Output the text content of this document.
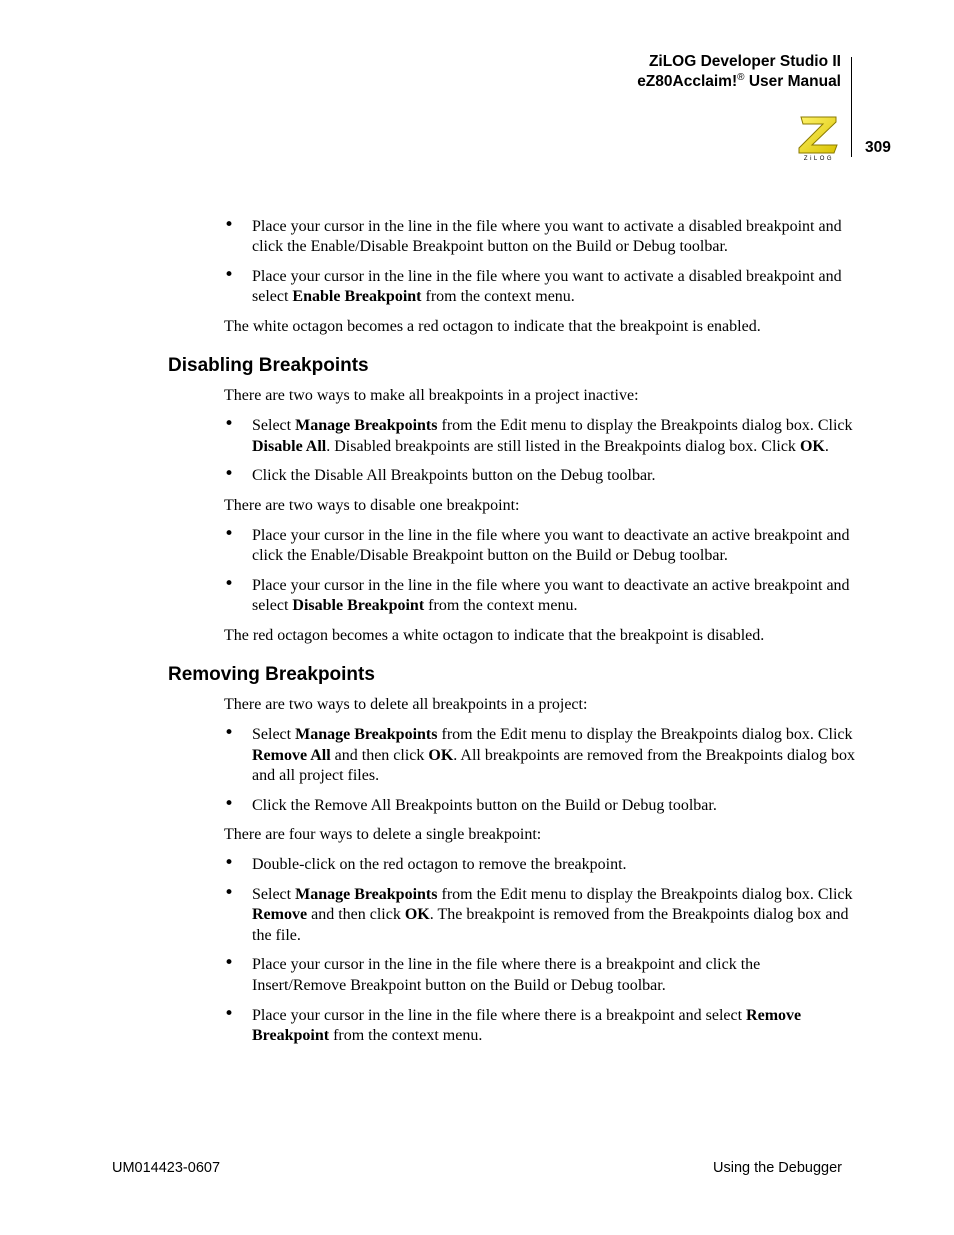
ZiLOG Developer Studio II
eZ80Acclaim!® User Manual
309
ZiLOG
• Place your cursor in the line in the file where you want to activate a disabled breakpoint and click the Enable/Disable Breakpoint button on the Build or Debug toolbar.
• Place your cursor in the line in the file where you want to activate a disabled breakpoint and select Enable Breakpoint from the context menu.

The white octagon becomes a red octagon to indicate that the breakpoint is enabled.

Disabling Breakpoints

There are two ways to make all breakpoints in a project inactive:

• Select Manage Breakpoints from the Edit menu to display the Breakpoints dialog box. Click Disable All. Disabled breakpoints are still listed in the Breakpoints dialog box. Click OK.
• Click the Disable All Breakpoints button on the Debug toolbar.

There are two ways to disable one breakpoint:

• Place your cursor in the line in the file where you want to deactivate an active breakpoint and click the Enable/Disable Breakpoint button on the Build or Debug toolbar.
• Place your cursor in the line in the file where you want to deactivate an active breakpoint and select Disable Breakpoint from the context menu.

The red octagon becomes a white octagon to indicate that the breakpoint is disabled.

Removing Breakpoints

There are two ways to delete all breakpoints in a project:

• Select Manage Breakpoints from the Edit menu to display the Breakpoints dialog box. Click Remove All and then click OK. All breakpoints are removed from the Breakpoints dialog box and all project files.
• Click the Remove All Breakpoints button on the Build or Debug toolbar.

There are four ways to delete a single breakpoint:

• Double-click on the red octagon to remove the breakpoint.
• Select Manage Breakpoints from the Edit menu to display the Breakpoints dialog box. Click Remove and then click OK. The breakpoint is removed from the Breakpoints dialog box and the file.
• Place your cursor in the line in the file where there is a breakpoint and click the Insert/Remove Breakpoint button on the Build or Debug toolbar.
• Place your cursor in the line in the file where there is a breakpoint and select Remove Breakpoint from the context menu.
UM014423-0607	Using the Debugger
